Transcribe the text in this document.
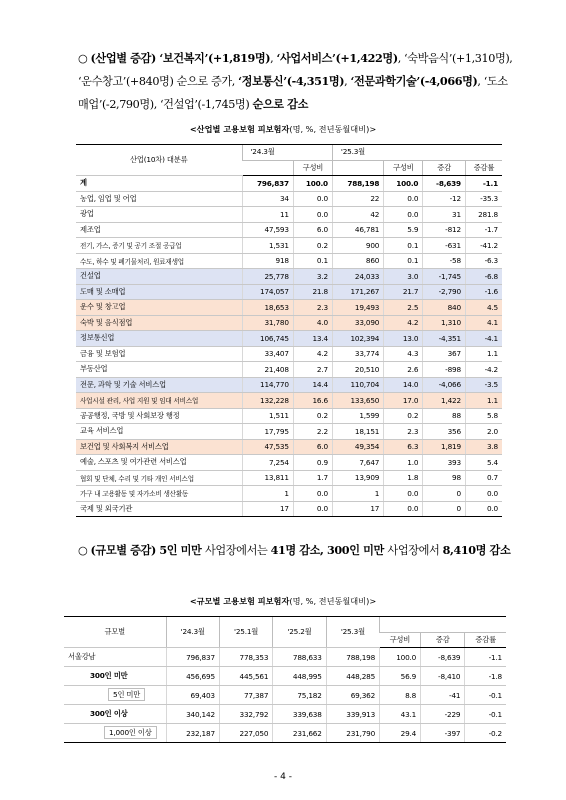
○ (산업별 증감) ‘보건복지’(+1,819명), ‘사업서비스’(+1,422명), ‘숙박음식’(+1,310명), ‘운수창고’(+840명) 순으로 증가, ‘정보통신’(-4,351명), ‘전문과학기술’(-4,066명), ‘도소매업’(-2,790명), ‘건설업’(-1,745명) 순으로 감소
<산업별 고용보험 피보험자(명, %, 전년동월대비)>
산업(10차) 대분류	'24.3월		'25.3월			
		구성비		구성비	증감	증감률
계	796,837	100.0	788,198	100.0	-8,639	-1.1
농업, 임업 및 어업	34	0.0	22	0.0	-12	-35.3
광업	11	0.0	42	0.0	31	281.8
제조업	47,593	6.0	46,781	5.9	-812	-1.7
전기, 가스, 증기 및 공기 조절 공급업	1,531	0.2	900	0.1	-631	-41.2
수도, 하수 및 폐기물처리, 원료재생업	918	0.1	860	0.1	-58	-6.3
건설업	25,778	3.2	24,033	3.0	-1,745	-6.8
도매 및 소매업	174,057	21.8	171,267	21.7	-2,790	-1.6
운수 및 창고업	18,653	2.3	19,493	2.5	840	4.5
숙박 및 음식점업	31,780	4.0	33,090	4.2	1,310	4.1
정보통신업	106,745	13.4	102,394	13.0	-4,351	-4.1
금융 및 보험업	33,407	4.2	33,774	4.3	367	1.1
부동산업	21,408	2.7	20,510	2.6	-898	-4.2
전문, 과학 및 기술 서비스업	114,770	14.4	110,704	14.0	-4,066	-3.5
사업시설 관리, 사업 지원 및 임대 서비스업	132,228	16.6	133,650	17.0	1,422	1.1
공공행정, 국방 및 사회보장 행정	1,511	0.2	1,599	0.2	88	5.8
교육 서비스업	17,795	2.2	18,151	2.3	356	2.0
보건업 및 사회복지 서비스업	47,535	6.0	49,354	6.3	1,819	3.8
예술, 스포츠 및 여가관련 서비스업	7,254	0.9	7,647	1.0	393	5.4
협회 및 단체, 수리 및 기타 개인 서비스업	13,811	1.7	13,909	1.8	98	0.7
가구 내 고용활동 및 자가소비 생산활동	1	0.0	1	0.0	0	0.0
국제 및 외국기관	17	0.0	17	0.0	0	0.0
○ (규모별 증감) 5인 미만 사업장에서는 41명 감소, 300인 미만 사업장에서 8,410명 감소
<규모별 고용보험 피보험자(명, %, 전년동월대비)>
규모별	'24.3월	'25.1월	'25.2월	'25.3월			
					구성비	증감	증감률
서울강남	796,837	778,353	788,633	788,198	100.0	-8,639	-1.1
300인 미만	456,695	445,561	448,995	448,285	56.9	-8,410	-1.8
5인 미만	69,403	77,387	75,182	69,362	8.8	-41	-0.1
300인 이상	340,142	332,792	339,638	339,913	43.1	-229	-0.1
1,000인 이상	232,187	227,050	231,662	231,790	29.4	-397	-0.2
- 4 -
